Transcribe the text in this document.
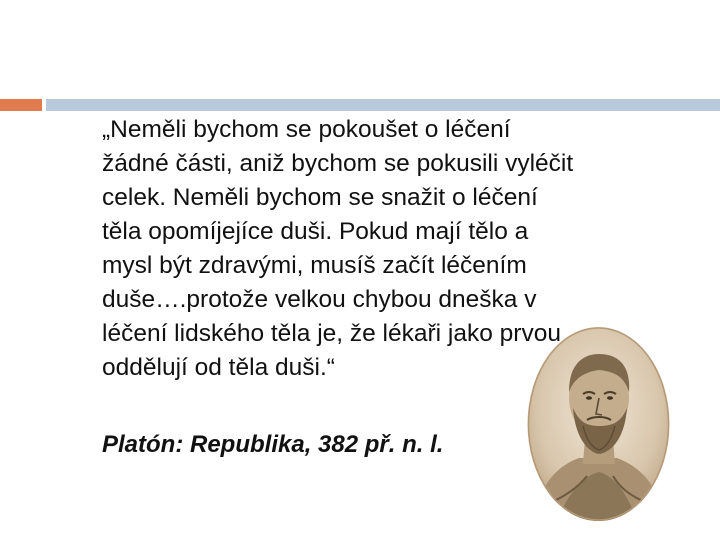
„Neměli bychom se pokoušet o léčení
žádné části, aniž bychom se pokusili vyléčit
celek. Neměli bychom se snažit o léčení
těla opomíjejíce duši. Pokud mají tělo a
mysl být zdravými, musíš začít léčením
duše….protože velkou chybou dneška v
léčení lidského těla je, že lékaři jako prvou
oddělují od těla duši.“

Platón: Republika, 382 př. n. l.
